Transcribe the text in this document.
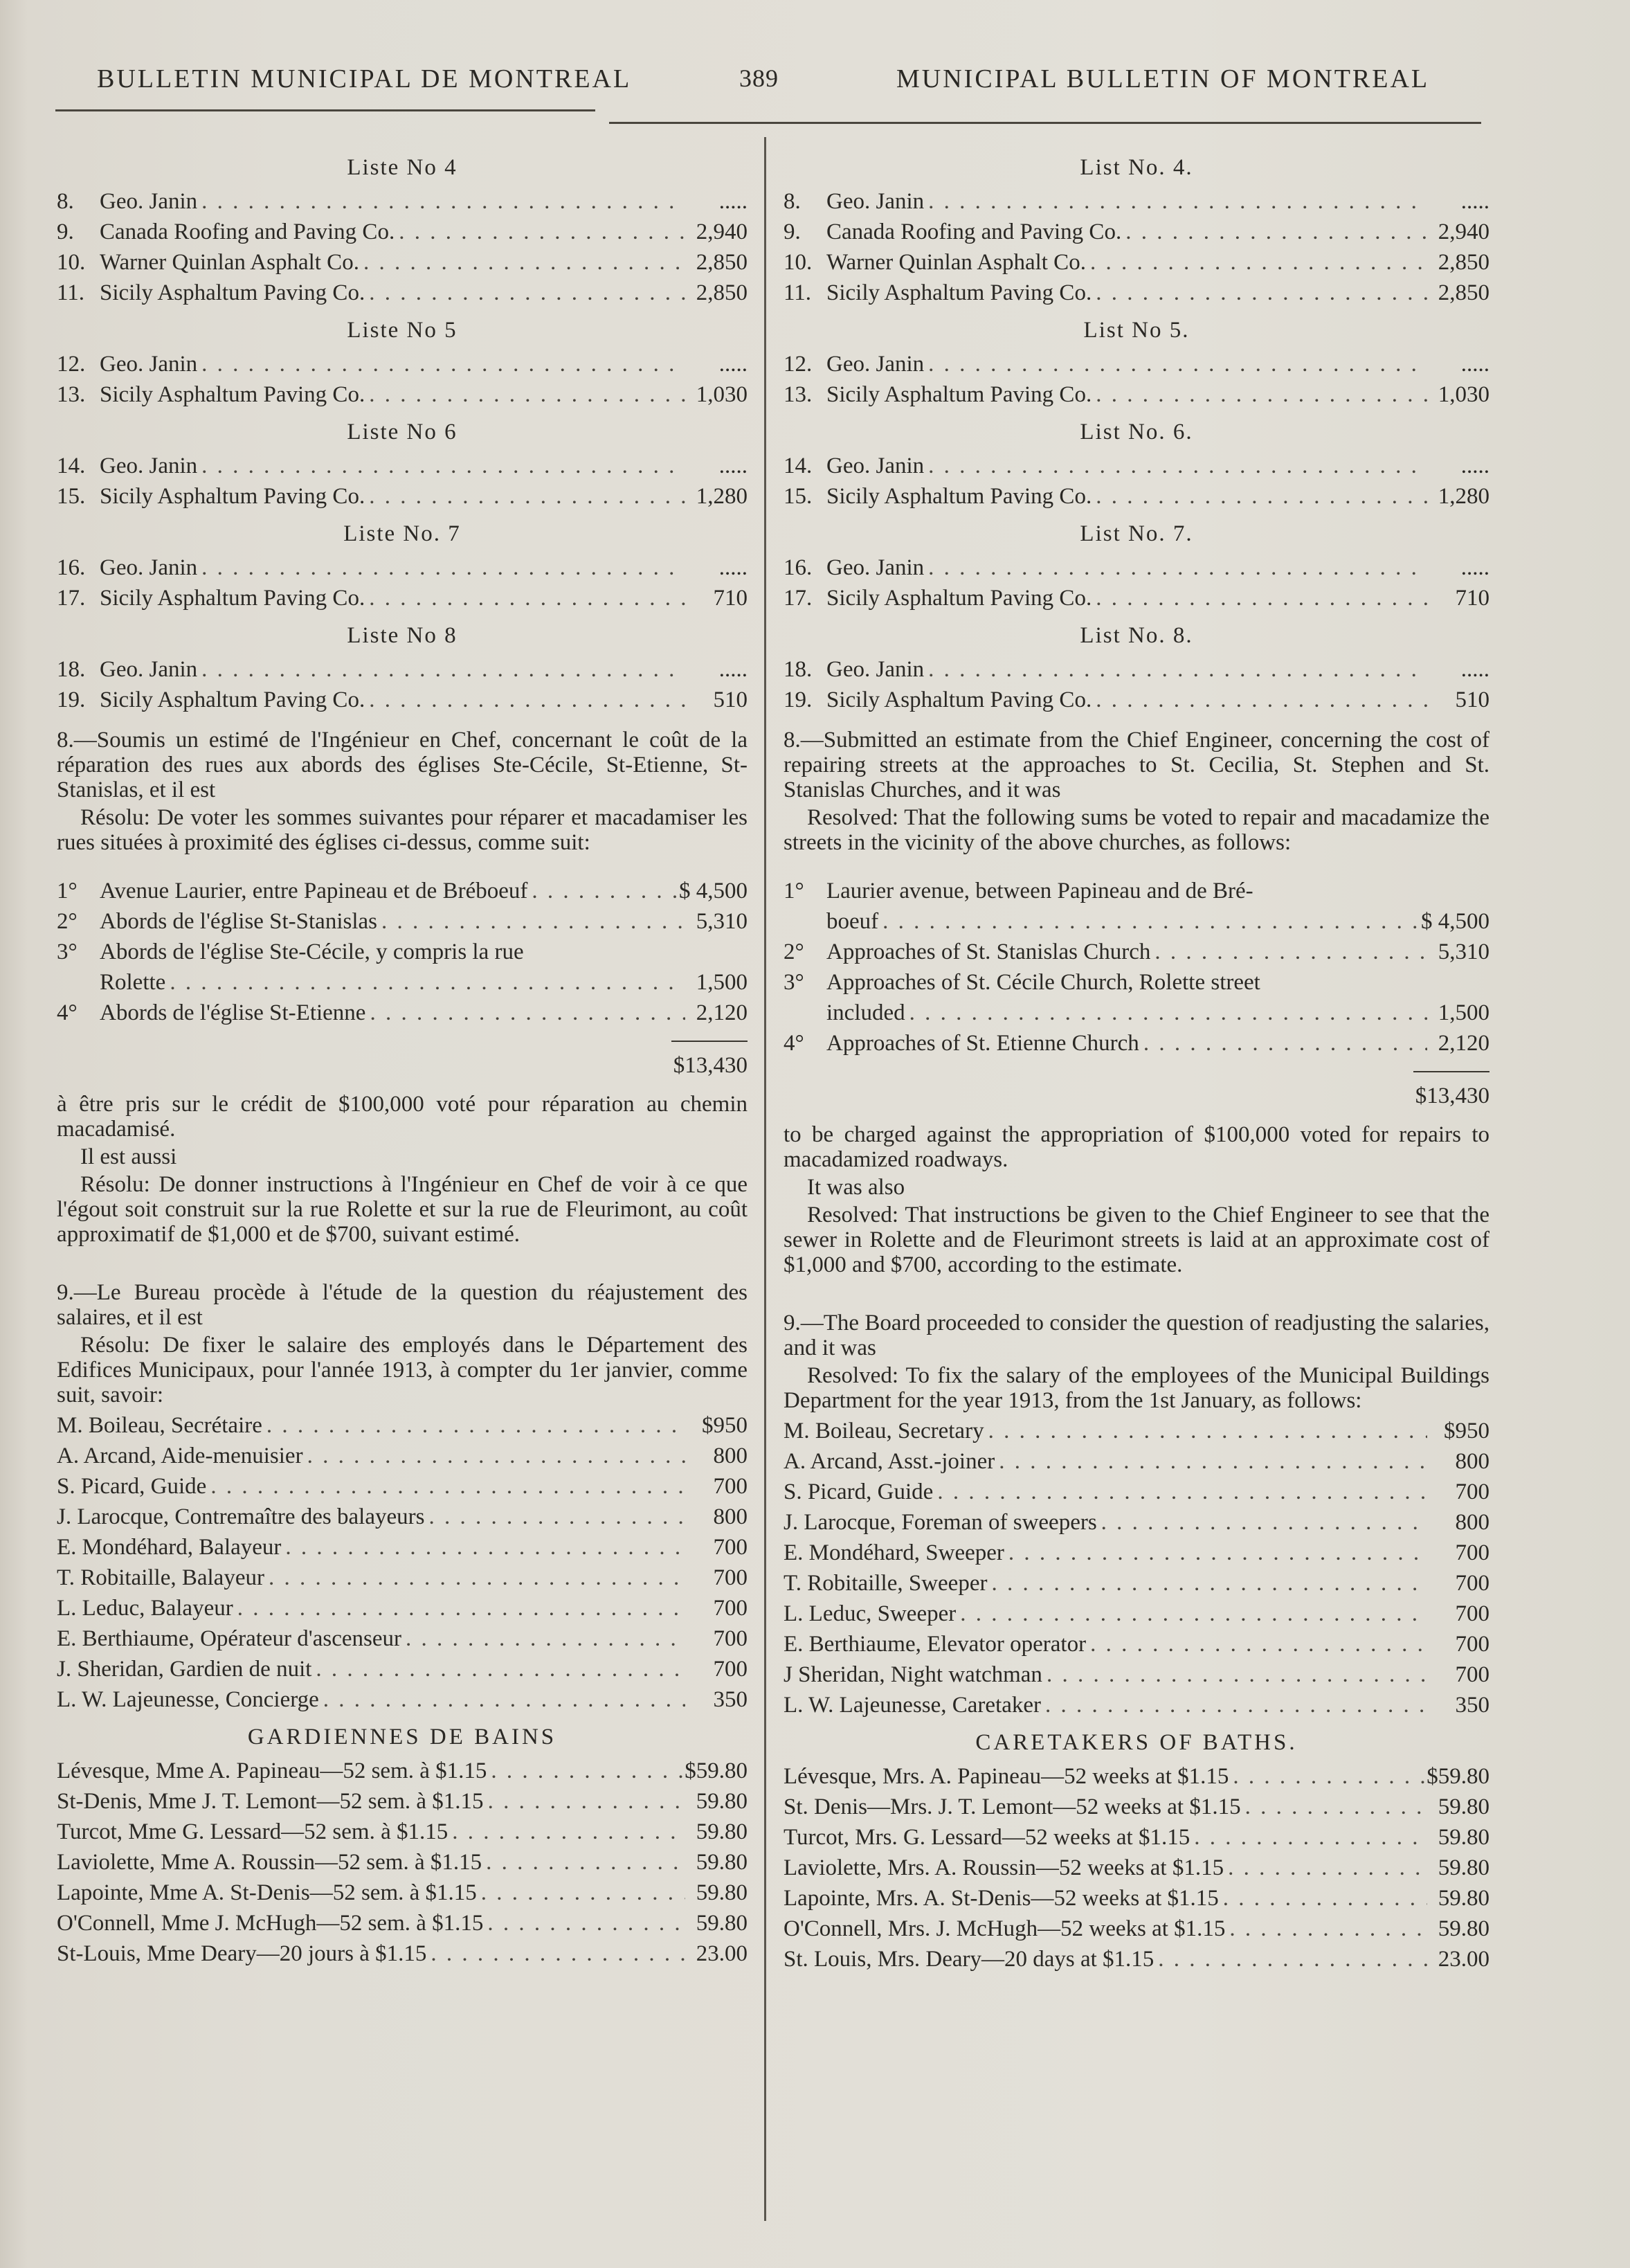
BULLETIN MUNICIPAL DE MONTREAL	389	MUNICIPAL BULLETIN OF MONTREAL
Liste No 4
8.	Geo. Janin . . .	.....
9.	Canada Roofing and Paving Co. . . .	2,940
10. Warner Quinlan Asphalt Co. . . .	2,850
11. Sicily Asphaltum Paving Co. . . .	2,850
Liste No 5
12. Geo. Janin . . .	.....
13. Sicily Asphaltum Paving Co. . . .	1,030
Liste No 6
14. Geo. Janin . . .	.....
15. Sicily Asphaltum Paving Co. . . .	1,280
Liste No. 7
16. Geo. Janin . . .	.....
17. Sicily Asphaltum Paving Co. . . .	710
Liste No 8
18. Geo. Janin . . .	.....
19. Sicily Asphaltum Paving Co. . . .	510
8.—Soumis un estimé de l'Ingénieur en Chef, concernant le coût de la réparation des rues aux abords des églises Ste-Cécile, St-Etienne, St-Stanislas, et il est
Résolu: De voter les sommes suivantes pour réparer et macadamiser les rues situées à proximité des églises ci-dessus, comme suit:
1° Avenue Laurier, entre Papineau et de Bréboeuf . . .	$ 4,500
2° Abords de l'église St-Stanislas . . .	5,310
3° Abords de l'église Ste-Cécile, y compris la rue
Rolette . . .	1,500
4° Abords de l'église St-Etienne . . .	2,120
$13,430
à être pris sur le crédit de $100,000 voté pour réparation au chemin macadamisé.
Il est aussi
Résolu: De donner instructions à l'Ingénieur en Chef de voir à ce que l'égout soit construit sur la rue Rolette et sur la rue de Fleurimont, au coût approximatif de $1,000 et de $700, suivant estimé.
9.—Le Bureau procède à l'étude de la question du réajustement des salaires, et il est
Résolu: De fixer le salaire des employés dans le Département des Edifices Municipaux, pour l'année 1913, à compter du 1er janvier, comme suit, savoir:
M. Boileau, Secrétaire . . .	$950
A. Arcand, Aide-menuisier . . .	800
S. Picard, Guide . . .	700
J. Larocque, Contremaître des balayeurs . . .	800
E. Mondéhard, Balayeur . . .	700
T. Robitaille, Balayeur . . .	700
L. Leduc, Balayeur . . .	700
E. Berthiaume, Opérateur d'ascenseur . . .	700
J. Sheridan, Gardien de nuit . . .	700
L. W. Lajeunesse, Concierge . . .	350
GARDIENNES DE BAINS
Lévesque, Mme A. Papineau—52 sem. à $1.15 . . .	$59.80
St-Denis, Mme J. T. Lemont—52 sem. à $1.15 . . .	59.80
Turcot, Mme G. Lessard—52 sem. à $1.15 . . .	59.80
Laviolette, Mme A. Roussin—52 sem. à $1.15 . . .	59.80
Lapointe, Mme A. St-Denis—52 sem. à $1.15 . . .	59.80
O'Connell, Mme J. McHugh—52 sem. à $1.15 . . .	59.80
St-Louis, Mme Deary—20 jours à $1.15 . . .	23.00
List No. 4.
8.	Geo. Janin . . .	.....
9.	Canada Roofing and Paving Co. . . .	2,940
10. Warner Quinlan Asphalt Co. . . .	2,850
11. Sicily Asphaltum Paving Co. . . .	2,850
List No 5.
12. Geo. Janin . . .	.....
13. Sicily Asphaltum Paving Co. . . .	1,030
List No. 6.
14. Geo. Janin . . .	.....
15. Sicily Asphaltum Paving Co. . . .	1,280
List No. 7.
16. Geo. Janin . . .	.....
17. Sicily Asphaltum Paving Co. . . .	710
List No. 8.
18. Geo. Janin . . .	.....
19. Sicily Asphaltum Paving Co. . . .	510
8.—Submitted an estimate from the Chief Engineer, concerning the cost of repairing streets at the approaches to St. Cecilia, St. Stephen and St. Stanislas Churches, and it was
Resolved: That the following sums be voted to repair and macadamize the streets in the vicinity of the above churches, as follows:
1° Laurier avenue, between Papineau and de Bré-
boeuf . . .	$ 4,500
2° Approaches of St. Stanislas Church . . .	5,310
3° Approaches of St. Cécile Church, Rolette street
included . . .	1,500
4° Approaches of St. Etienne Church . . .	2,120
$13,430
to be charged against the appropriation of $100,000 voted for repairs to macadamized roadways.
It was also
Resolved: That instructions be given to the Chief Engineer to see that the sewer in Rolette and de Fleurimont streets is laid at an approximate cost of $1,000 and $700, according to the estimate.
9.—The Board proceeded to consider the question of readjusting the salaries, and it was
Resolved: To fix the salary of the employees of the Municipal Buildings Department for the year 1913, from the 1st January, as follows:
M. Boileau, Secretary . . .	$950
A. Arcand, Asst.-joiner . . .	800
S. Picard, Guide . . .	700
J. Larocque, Foreman of sweepers . . .	800
E. Mondéhard, Sweeper . . .	700
T. Robitaille, Sweeper . . .	700
L. Leduc, Sweeper . . .	700
E. Berthiaume, Elevator operator . . .	700
J Sheridan, Night watchman . . .	700
L. W. Lajeunesse, Caretaker . . .	350
CARETAKERS OF BATHS.
Lévesque, Mrs. A. Papineau—52 weeks at $1.15 . . .	$59.80
St. Denis—Mrs. J. T. Lemont—52 weeks at $1.15 . . .	59.80
Turcot, Mrs. G. Lessard—52 weeks at $1.15 . . .	59.80
Laviolette, Mrs. A. Roussin—52 weeks at $1.15 . . .	59.80
Lapointe, Mrs. A. St-Denis—52 weeks at $1.15 . . .	59.80
O'Connell, Mrs. J. McHugh—52 weeks at $1.15 . . .	59.80
St. Louis, Mrs. Deary—20 days at $1.15 . . .	23.00
